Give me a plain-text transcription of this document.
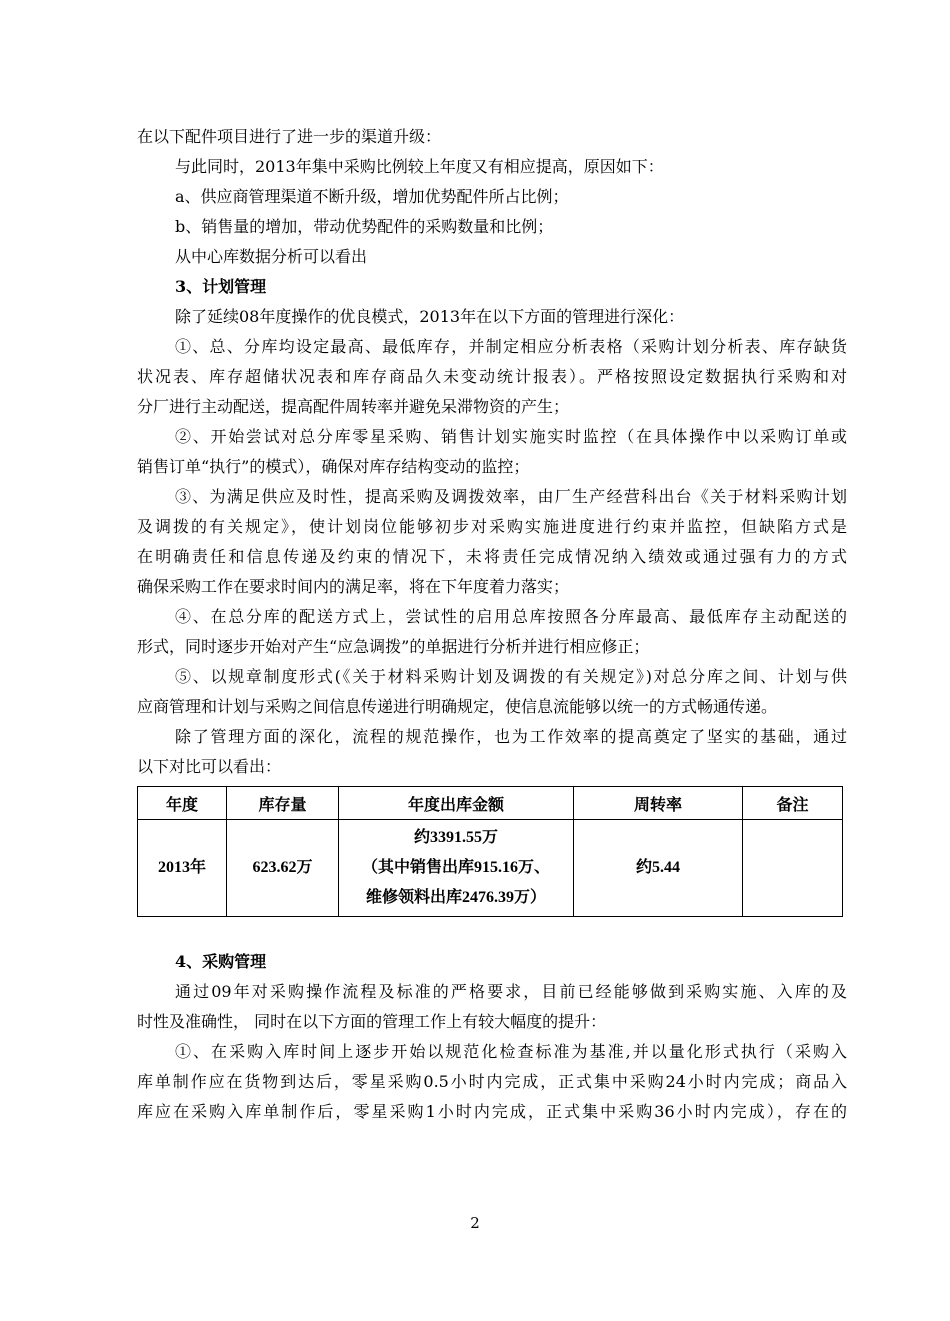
在以下配件项目进行了进一步的渠道升级：

与此同时，2013年集中采购比例较上年度又有相应提高，原因如下：

a、供应商管理渠道不断升级，增加优势配件所占比例；

b、销售量的增加，带动优势配件的采购数量和比例；

从中心库数据分析可以看出

3、计划管理

除了延续08年度操作的优良模式，2013年在以下方面的管理进行深化：

①、总、分库均设定最高、最低库存，并制定相应分析表格（采购计划分析表、库存缺货

状况表、库存超储状况表和库存商品久未变动统计报表）。严格按照设定数据执行采购和对

分厂进行主动配送，提高配件周转率并避免呆滞物资的产生；

②、开始尝试对总分库零星采购、销售计划实施实时监控（在具体操作中以采购订单或

销售订单“执行”的模式），确保对库存结构变动的监控；

③、为满足供应及时性，提高采购及调拨效率，由厂生产经营科出台《关于材料采购计划

及调拨的有关规定》，使计划岗位能够初步对采购实施进度进行约束并监控，但缺陷方式是

在明确责任和信息传递及约束的情况下，未将责任完成情况纳入绩效或通过强有力的方式

确保采购工作在要求时间内的满足率，将在下年度着力落实；

④、在总分库的配送方式上，尝试性的启用总库按照各分库最高、最低库存主动配送的

形式，同时逐步开始对产生“应急调拨”的单据进行分析并进行相应修正；

⑤、以规章制度形式(《关于材料采购计划及调拨的有关规定》)对总分库之间、计划与供

应商管理和计划与采购之间信息传递进行明确规定，使信息流能够以统一的方式畅通传递。

除了管理方面的深化，流程的规范操作，也为工作效率的提高奠定了坚实的基础，通过

以下对比可以看出：

年度	库存量	年度出库金额	周转率	备注
2013年	623.62万	约3391.55万
（其中销售出库915.16万、
维修领料出库2476.39万）	约5.44	

4、采购管理

通过09年对采购操作流程及标准的严格要求，目前已经能够做到采购实施、入库的及

时性及准确性， 同时在以下方面的管理工作上有较大幅度的提升：

①、在采购入库时间上逐步开始以规范化检查标准为基准,并以量化形式执行（采购入

库单制作应在货物到达后，零星采购0.5小时内完成，正式集中采购24小时内完成；商品入

库应在采购入库单制作后，零星采购1小时内完成，正式集中采购36小时内完成），存在的

2
